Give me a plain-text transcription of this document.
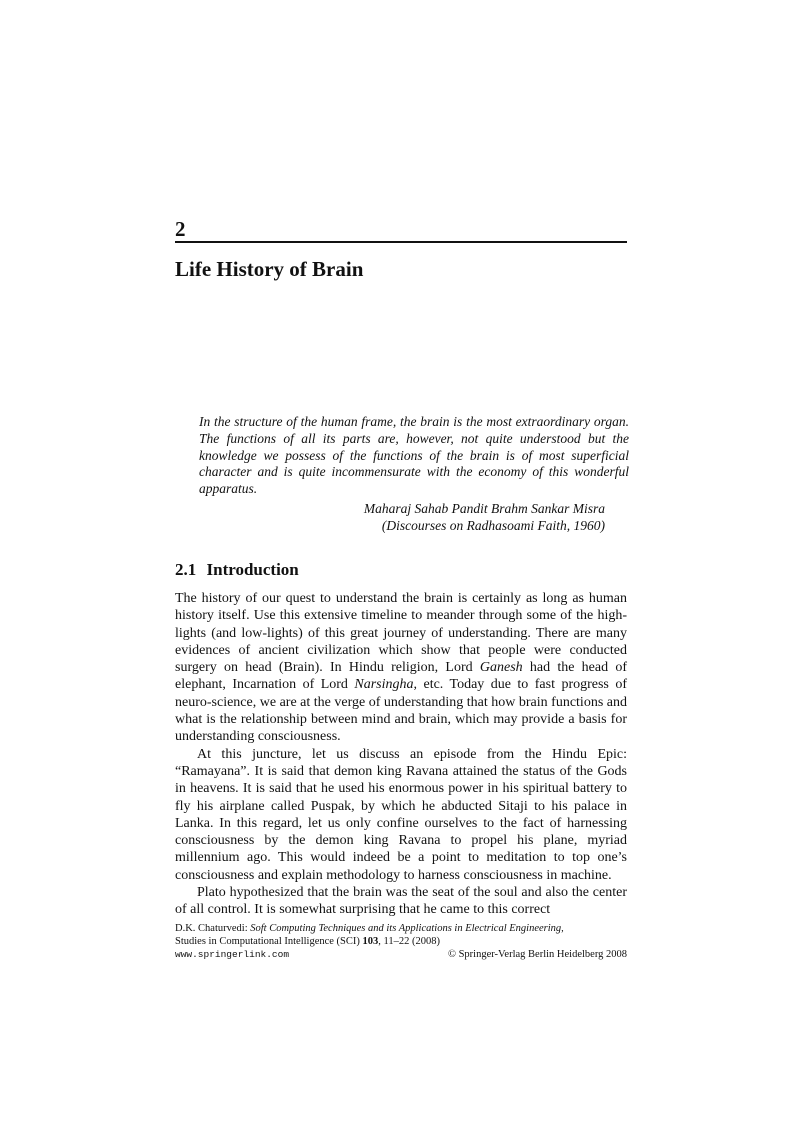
2
Life History of Brain

In the structure of the human frame, the brain is the most extraordinary organ. The functions of all its parts are, however, not quite understood but the knowledge we possess of the functions of the brain is of most superficial character and is quite incommensurate with the economy of this wonderful apparatus.

Maharaj Sahab Pandit Brahm Sankar Misra
(Discourses on Radhasoami Faith, 1960)
2.1 Introduction

The history of our quest to understand the brain is certainly as long as human history itself. Use this extensive timeline to meander through some of the high-lights (and low-lights) of this great journey of understanding. There are many evidences of ancient civilization which show that people were conducted surgery on head (Brain). In Hindu religion, Lord Ganesh had the head of elephant, Incarnation of Lord Narsingha, etc. Today due to fast progress of neuro-science, we are at the verge of understanding that how brain functions and what is the relationship between mind and brain, which may provide a basis for understanding consciousness.

At this juncture, let us discuss an episode from the Hindu Epic: “Ramayana”. It is said that demon king Ravana attained the status of the Gods in heavens. It is said that he used his enormous power in his spiritual battery to fly his airplane called Puspak, by which he abducted Sitaji to his palace in Lanka. In this regard, let us only confine ourselves to the fact of harnessing consciousness by the demon king Ravana to propel his plane, myriad millennium ago. This would indeed be a point to meditation to top one’s consciousness and explain methodology to harness consciousness in machine.

Plato hypothesized that the brain was the seat of the soul and also the center of all control. It is somewhat surprising that he came to this correct

D.K. Chaturvedi: Soft Computing Techniques and its Applications in Electrical Engineering,
Studies in Computational Intelligence (SCI) 103, 11–22 (2008)
www.springerlink.com	© Springer-Verlag Berlin Heidelberg 2008
